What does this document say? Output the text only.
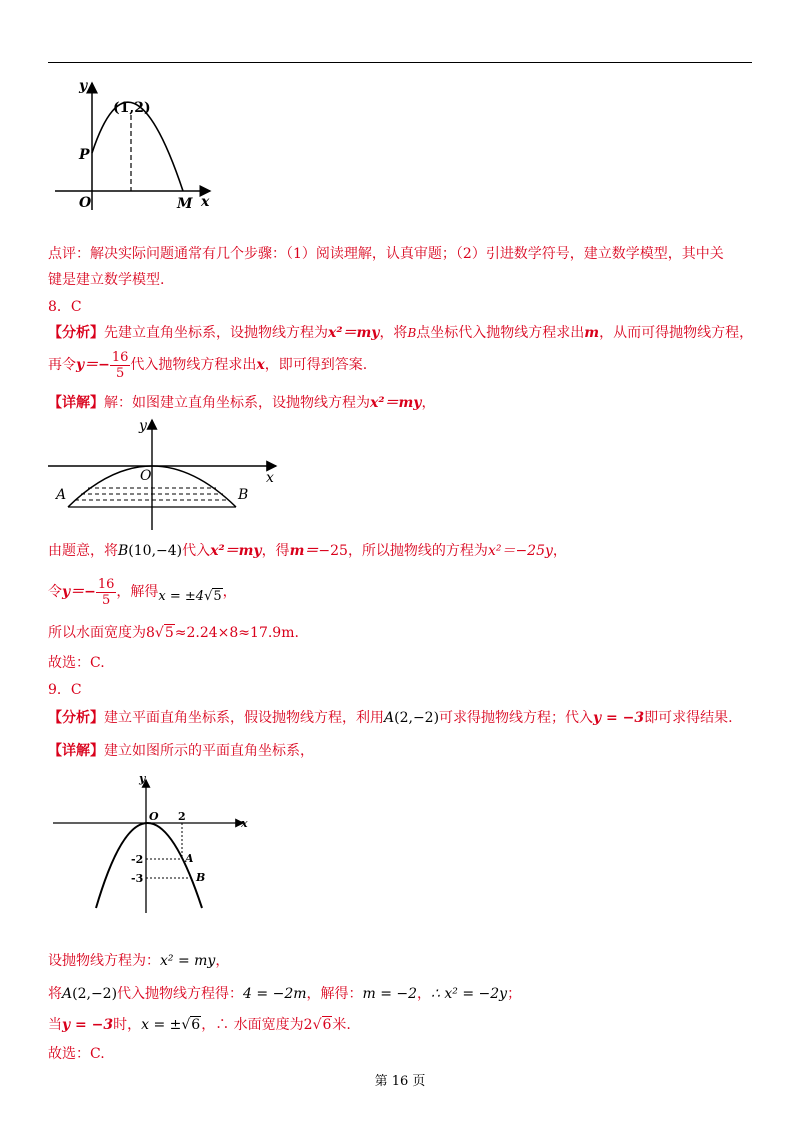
y
(1,2)
P
O	M x
点评：解决实际问题通常有几个步骤：（1）阅读理解，认真审题；（2）引进数学符号，建立数学模型，其中关
键是建立数学模型.
8．C
【分析】先建立直角坐标系，设抛物线方程为x²＝my，将B点坐标代入抛物线方程求出m，从而可得抛物线方程，
再令$y=- \frac{16}{5}$ 代入抛物线方程求出x，即可得到答案.
【详解】解：如图建立直角坐标系，设抛物线方程为x²＝my，
y
O	x
A	B
由题意，将B(10,−4)代入x²＝my，得m＝−25，所以抛物线的方程为x²＝−25y，
令$y=- \frac{16}{5}$ ，解得x = ±4√5，
所以水面宽度为8√5≈2.24×8≈17.9m.
故选：C.
9．C
【分析】建立平面直角坐标系，假设抛物线方程，利用A(2,−2)可求得抛物线方程；代入y = −3即可求得结果.
【详解】建立如图所示的平面直角坐标系，
y
O 2
x
-2	A
-3	B
设抛物线方程为：x² = my，
将A(2,−2)代入抛物线方程得：4 = −2m，解得：m = −2，∴ x² = −2y；
当y = −3时，x = ±√6，∴ 水面宽度为2√6米.
故选：C.
第 16 页
